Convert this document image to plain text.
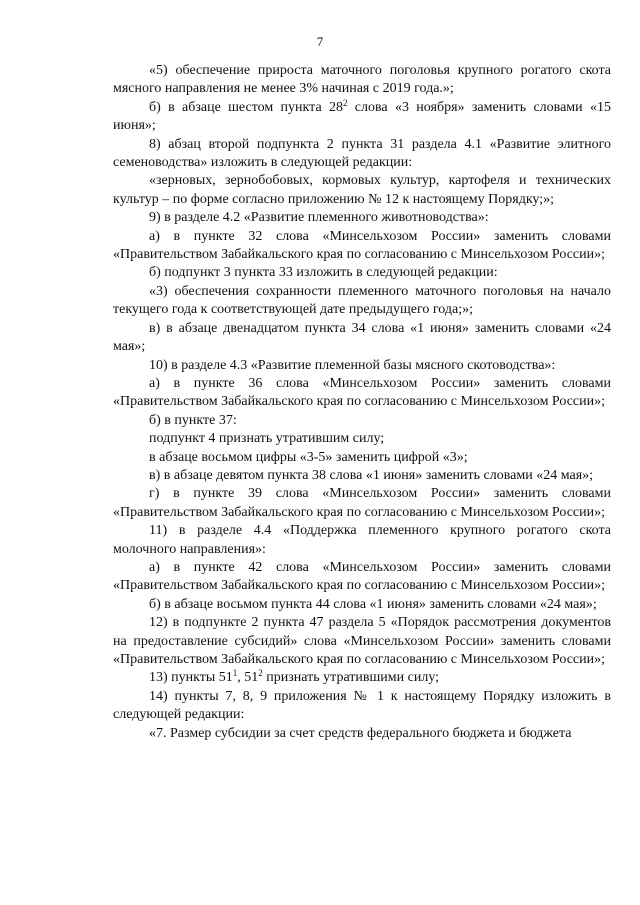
7

«5) обеспечение прироста маточного поголовья крупного рогатого скота мясного направления не менее 3% начиная с 2019 года.»;

б) в абзаце шестом пункта $28^2$ слова «3 ноября» заменить словами «15 июня»;

8) абзац второй подпункта 2 пункта 31 раздела 4.1 «Развитие элитного семеноводства» изложить в следующей редакции:

«зерновых, зернобобовых, кормовых культур, картофеля и технических культур – по форме согласно приложению № 12 к настоящему Порядку;»;

9) в разделе 4.2 «Развитие племенного животноводства»:

а) в пункте 32 слова «Минсельхозом России» заменить словами «Правительством Забайкальского края по согласованию с Минсельхозом России»;

б) подпункт 3 пункта 33 изложить в следующей редакции:

«3) обеспечения сохранности племенного маточного поголовья на начало текущего года к соответствующей дате предыдущего года;»;

в) в абзаце двенадцатом пункта 34 слова «1 июня» заменить словами «24 мая»;

10) в разделе 4.3 «Развитие племенной базы мясного скотоводства»:

а) в пункте 36 слова «Минсельхозом России» заменить словами «Правительством Забайкальского края по согласованию с Минсельхозом России»;

б) в пункте 37:

подпункт 4 признать утратившим силу;

в абзаце восьмом цифры «3-5» заменить цифрой «3»;

в) в абзаце девятом пункта 38 слова «1 июня» заменить словами «24 мая»;

г) в пункте 39 слова «Минсельхозом России» заменить словами «Правительством Забайкальского края по согласованию с Минсельхозом России»;

11) в разделе 4.4 «Поддержка племенного крупного рогатого скота молочного направления»:

а) в пункте 42 слова «Минсельхозом России» заменить словами «Правительством Забайкальского края по согласованию с Минсельхозом России»;

б) в абзаце восьмом пункта 44 слова «1 июня» заменить словами «24 мая»;

12) в подпункте 2 пункта 47 раздела 5 «Порядок рассмотрения документов на предоставление субсидий» слова «Минсельхозом России» заменить словами «Правительством Забайкальского края по согласованию с Минсельхозом России»;

13) пункты $51^1$, $51^2$ признать утратившими силу;

14) пункты 7, 8, 9 приложения № 1 к настоящему Порядку изложить в следующей редакции:

«7. Размер субсидии за счет средств федерального бюджета и бюджета
